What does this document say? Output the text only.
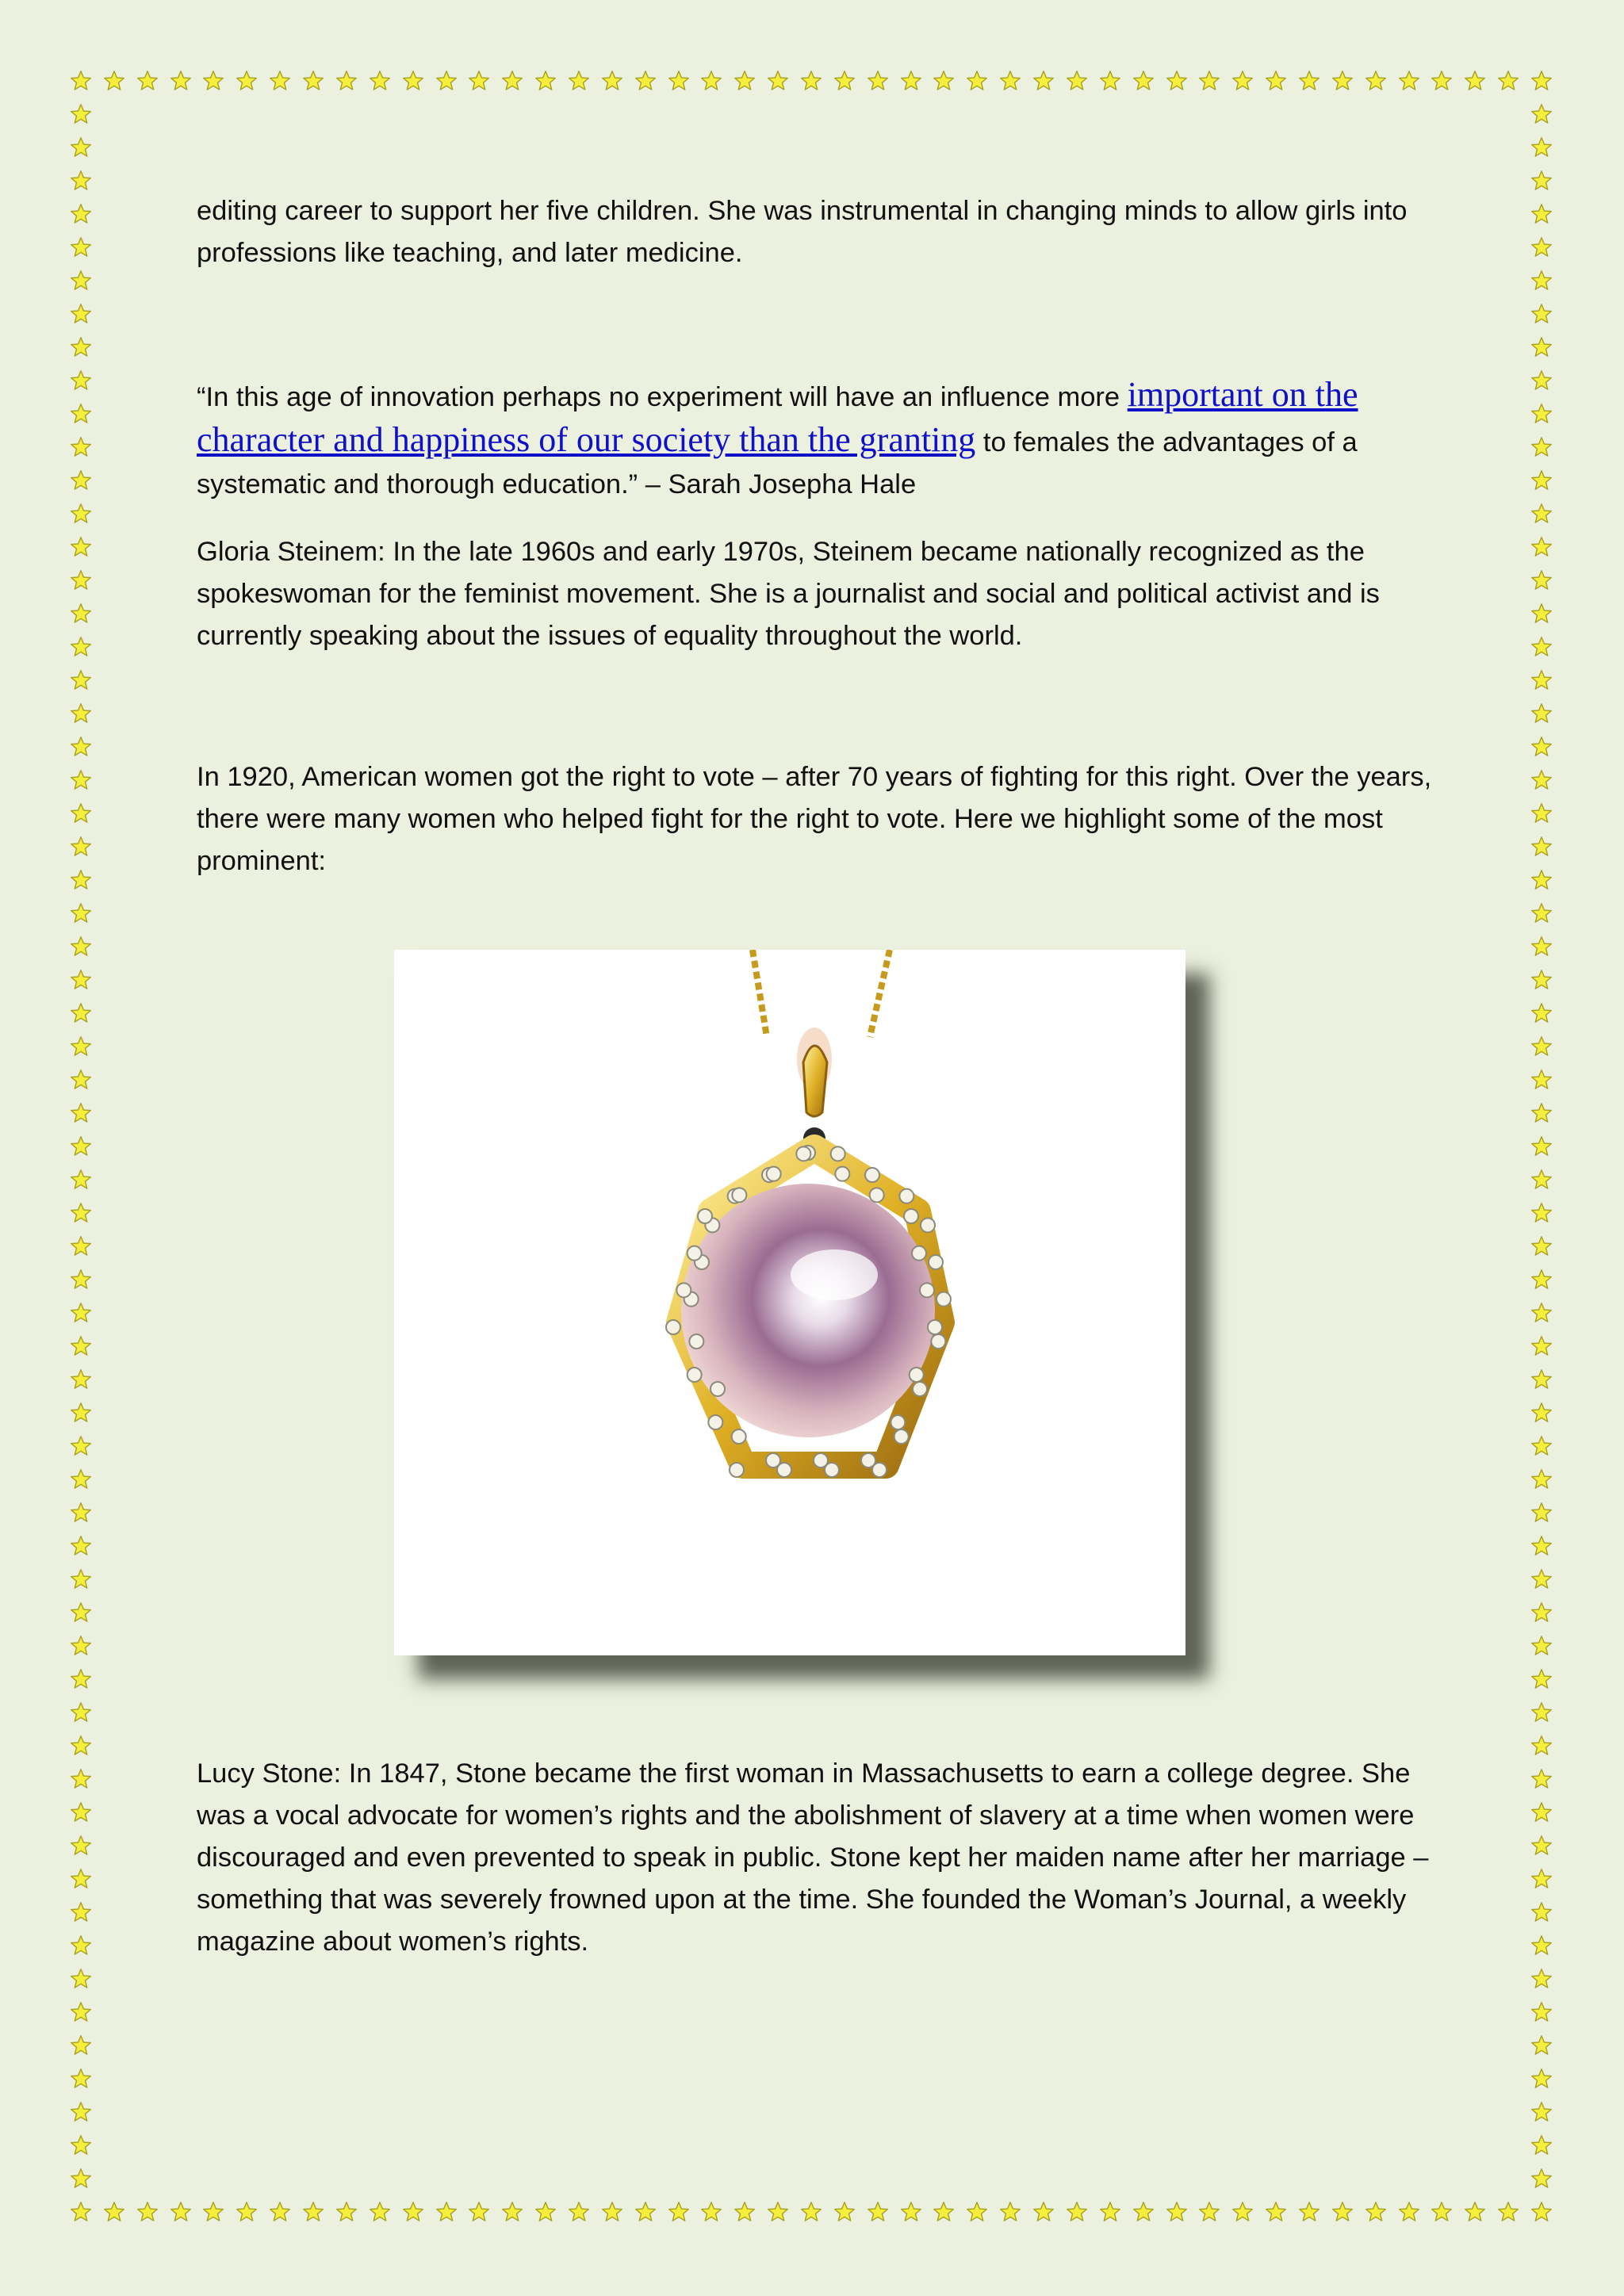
editing career to support her five children. She was instrumental in changing minds to allow girls into professions like teaching, and later medicine.

“In this age of innovation perhaps no experiment will have an influence more important on the character and happiness of our society than the granting to females the advantages of a systematic and thorough education.” – Sarah Josepha Hale

Gloria Steinem: In the late 1960s and early 1970s, Steinem became nationally recognized as the spokeswoman for the feminist movement. She is a journalist and social and political activist and is currently speaking about the issues of equality throughout the world.

In 1920, American women got the right to vote – after 70 years of fighting for this right. Over the years, there were many women who helped fight for the right to vote. Here we highlight some of the most prominent:

Lucy Stone: In 1847, Stone became the first woman in Massachusetts to earn a college degree. She was a vocal advocate for women’s rights and the abolishment of slavery at a time when women were discouraged and even prevented to speak in public. Stone kept her maiden name after her marriage – something that was severely frowned upon at the time. She founded the Woman’s Journal, a weekly magazine about women’s rights.
